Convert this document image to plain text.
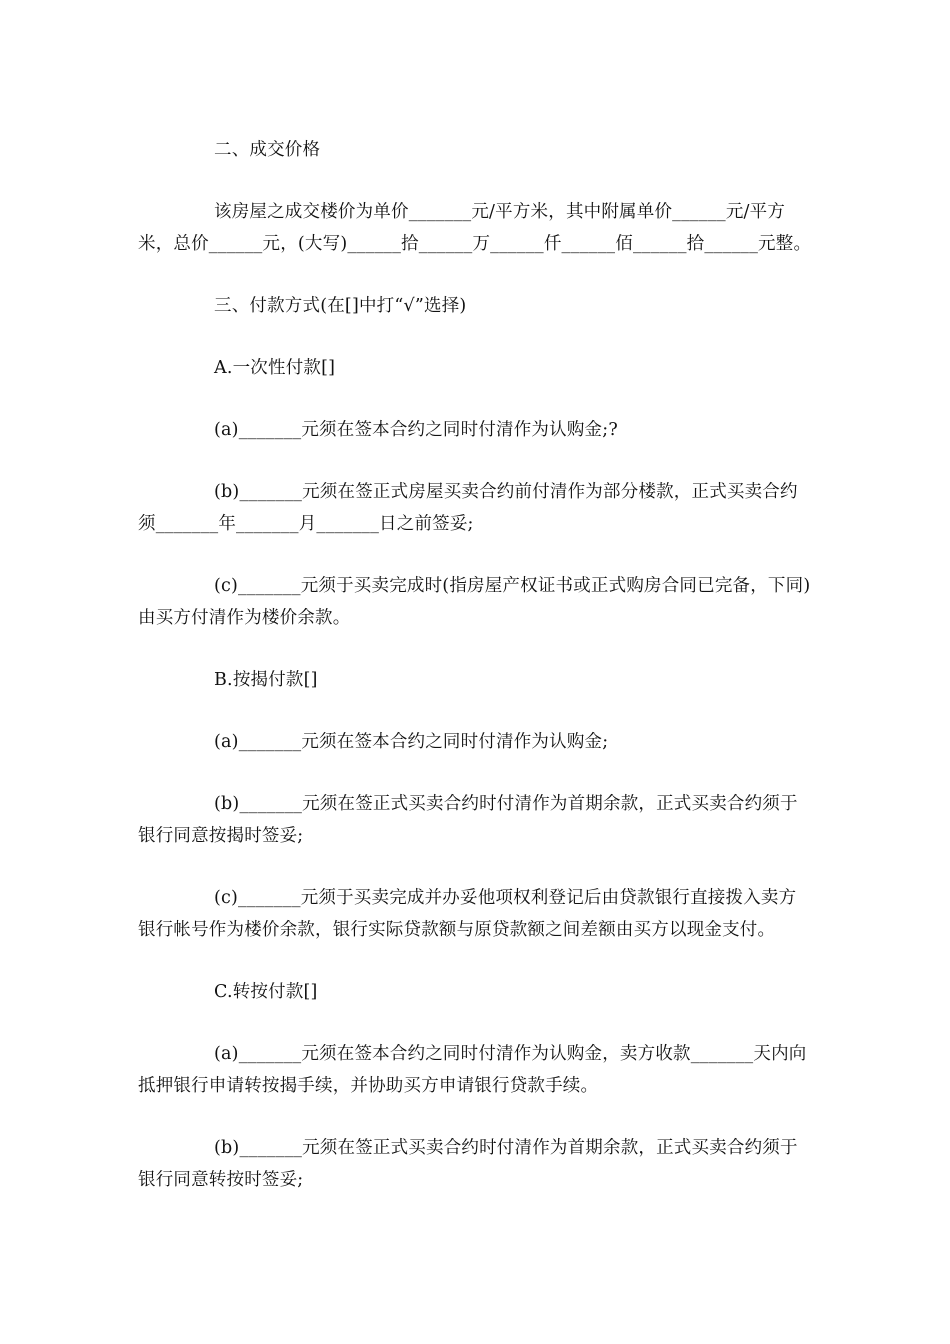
二、成交价格

该房屋之成交楼价为单价_______元/平方米，其中附属单价______元/平方米，总价______元，(大写)______拾______万______仟______佰______拾______元整。

三、付款方式(在[]中打“√”选择)

A.一次性付款[]

(a)_______元须在签本合约之同时付清作为认购金;?

(b)_______元须在签正式房屋买卖合约前付清作为部分楼款，正式买卖合约须_______年_______月_______日之前签妥;

(c)_______元须于买卖完成时(指房屋产权证书或正式购房合同已完备，下同)由买方付清作为楼价余款。

B.按揭付款[]

(a)_______元须在签本合约之同时付清作为认购金;

(b)_______元须在签正式买卖合约时付清作为首期余款，正式买卖合约须于银行同意按揭时签妥;

(c)_______元须于买卖完成并办妥他项权利登记后由贷款银行直接拨入卖方银行帐号作为楼价余款，银行实际贷款额与原贷款额之间差额由买方以现金支付。

C.转按付款[]

(a)_______元须在签本合约之同时付清作为认购金，卖方收款_______天内向抵押银行申请转按揭手续，并协助买方申请银行贷款手续。

(b)_______元须在签正式买卖合约时付清作为首期余款，正式买卖合约须于银行同意转按时签妥;
